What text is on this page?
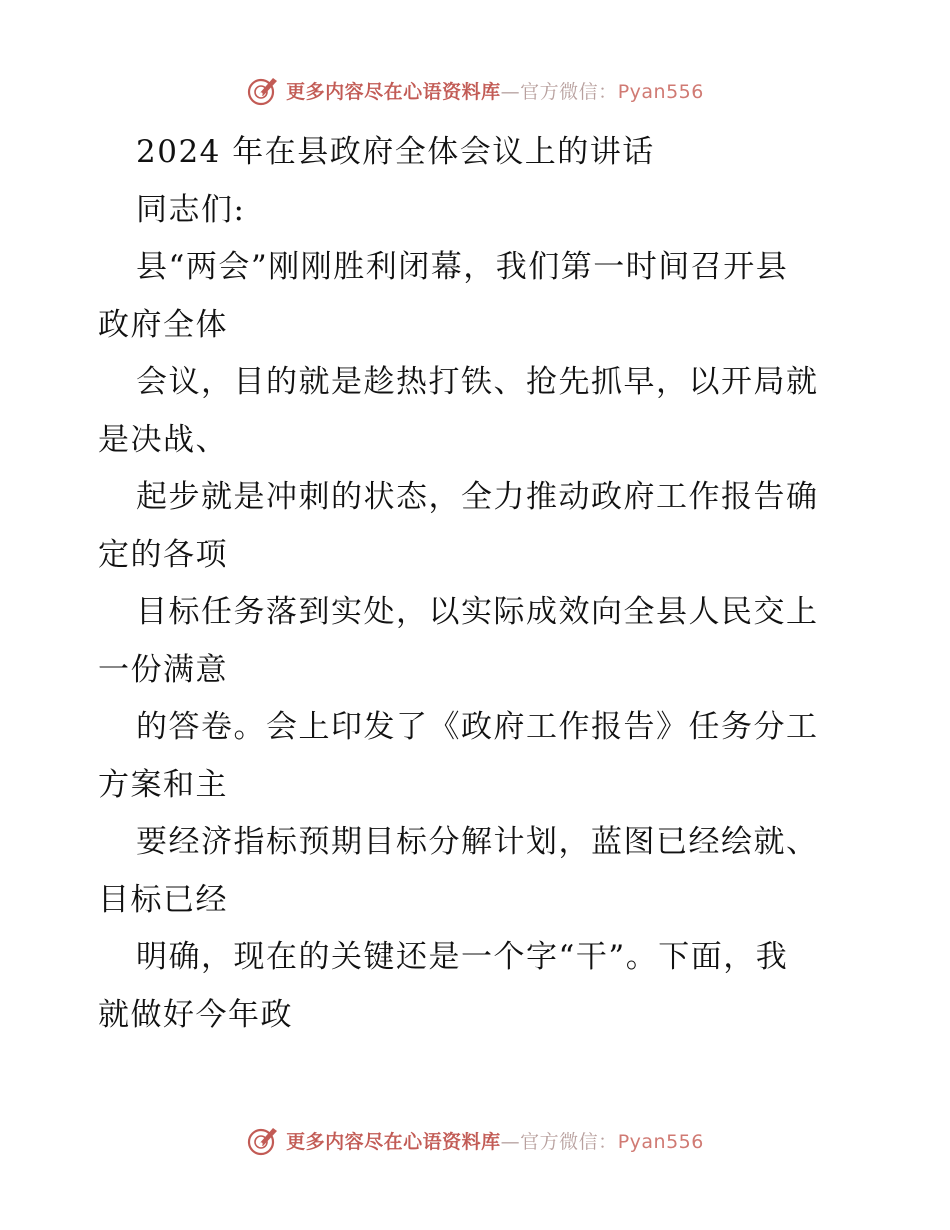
更多内容尽在心语资料库—官方微信：Pyan556
2024 年在县政府全体会议上的讲话
同志们:
县“两会”刚刚胜利闭幕，我们第一时间召开县
政府全体
会议，目的就是趁热打铁、抢先抓早，以开局就
是决战、
起步就是冲刺的状态，全力推动政府工作报告确
定的各项
目标任务落到实处，以实际成效向全县人民交上
一份满意
的答卷。会上印发了《政府工作报告》任务分工
方案和主
要经济指标预期目标分解计划，蓝图已经绘就、
目标已经
明确，现在的关键还是一个字“干”。下面，我
就做好今年政
更多内容尽在心语资料库—官方微信：Pyan556
